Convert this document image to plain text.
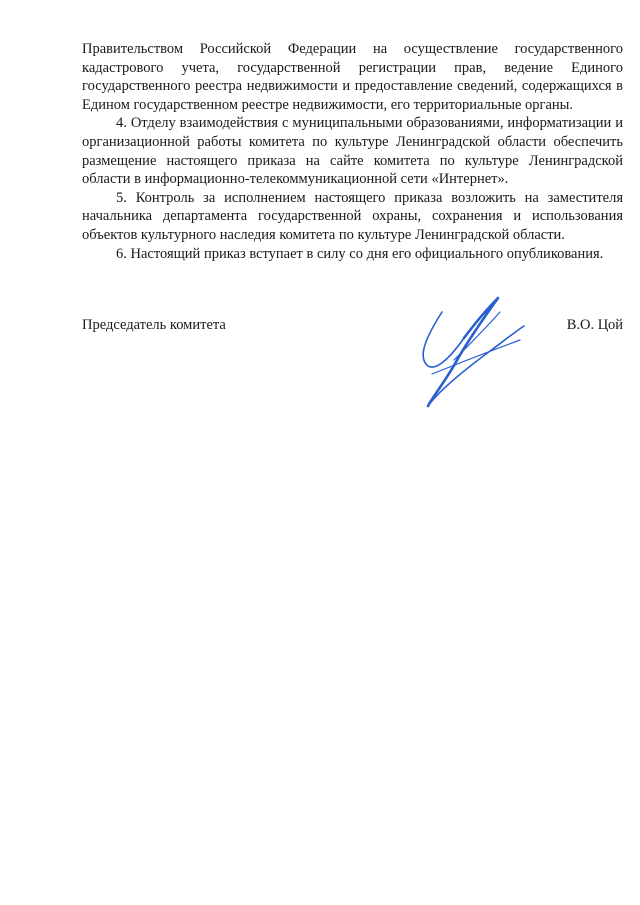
Правительством Российской Федерации на осуществление государственного кадастрового учета, государственной регистрации прав, ведение Единого государственного реестра недвижимости и предоставление сведений, содержащихся в Едином государственном реестре недвижимости, его территориальные органы.

4. Отделу взаимодействия с муниципальными образованиями, информатизации и организационной работы комитета по культуре Ленинградской области обеспечить размещение настоящего приказа на сайте комитета по культуре Ленинградской области в информационно-телекоммуникационной сети «Интернет».

5. Контроль за исполнением настоящего приказа возложить на заместителя начальника департамента государственной охраны, сохранения и использования объектов культурного наследия комитета по культуре Ленинградской области.

6. Настоящий приказ вступает в силу со дня его официального опубликования.

Председатель комитета	В.О. Цой
